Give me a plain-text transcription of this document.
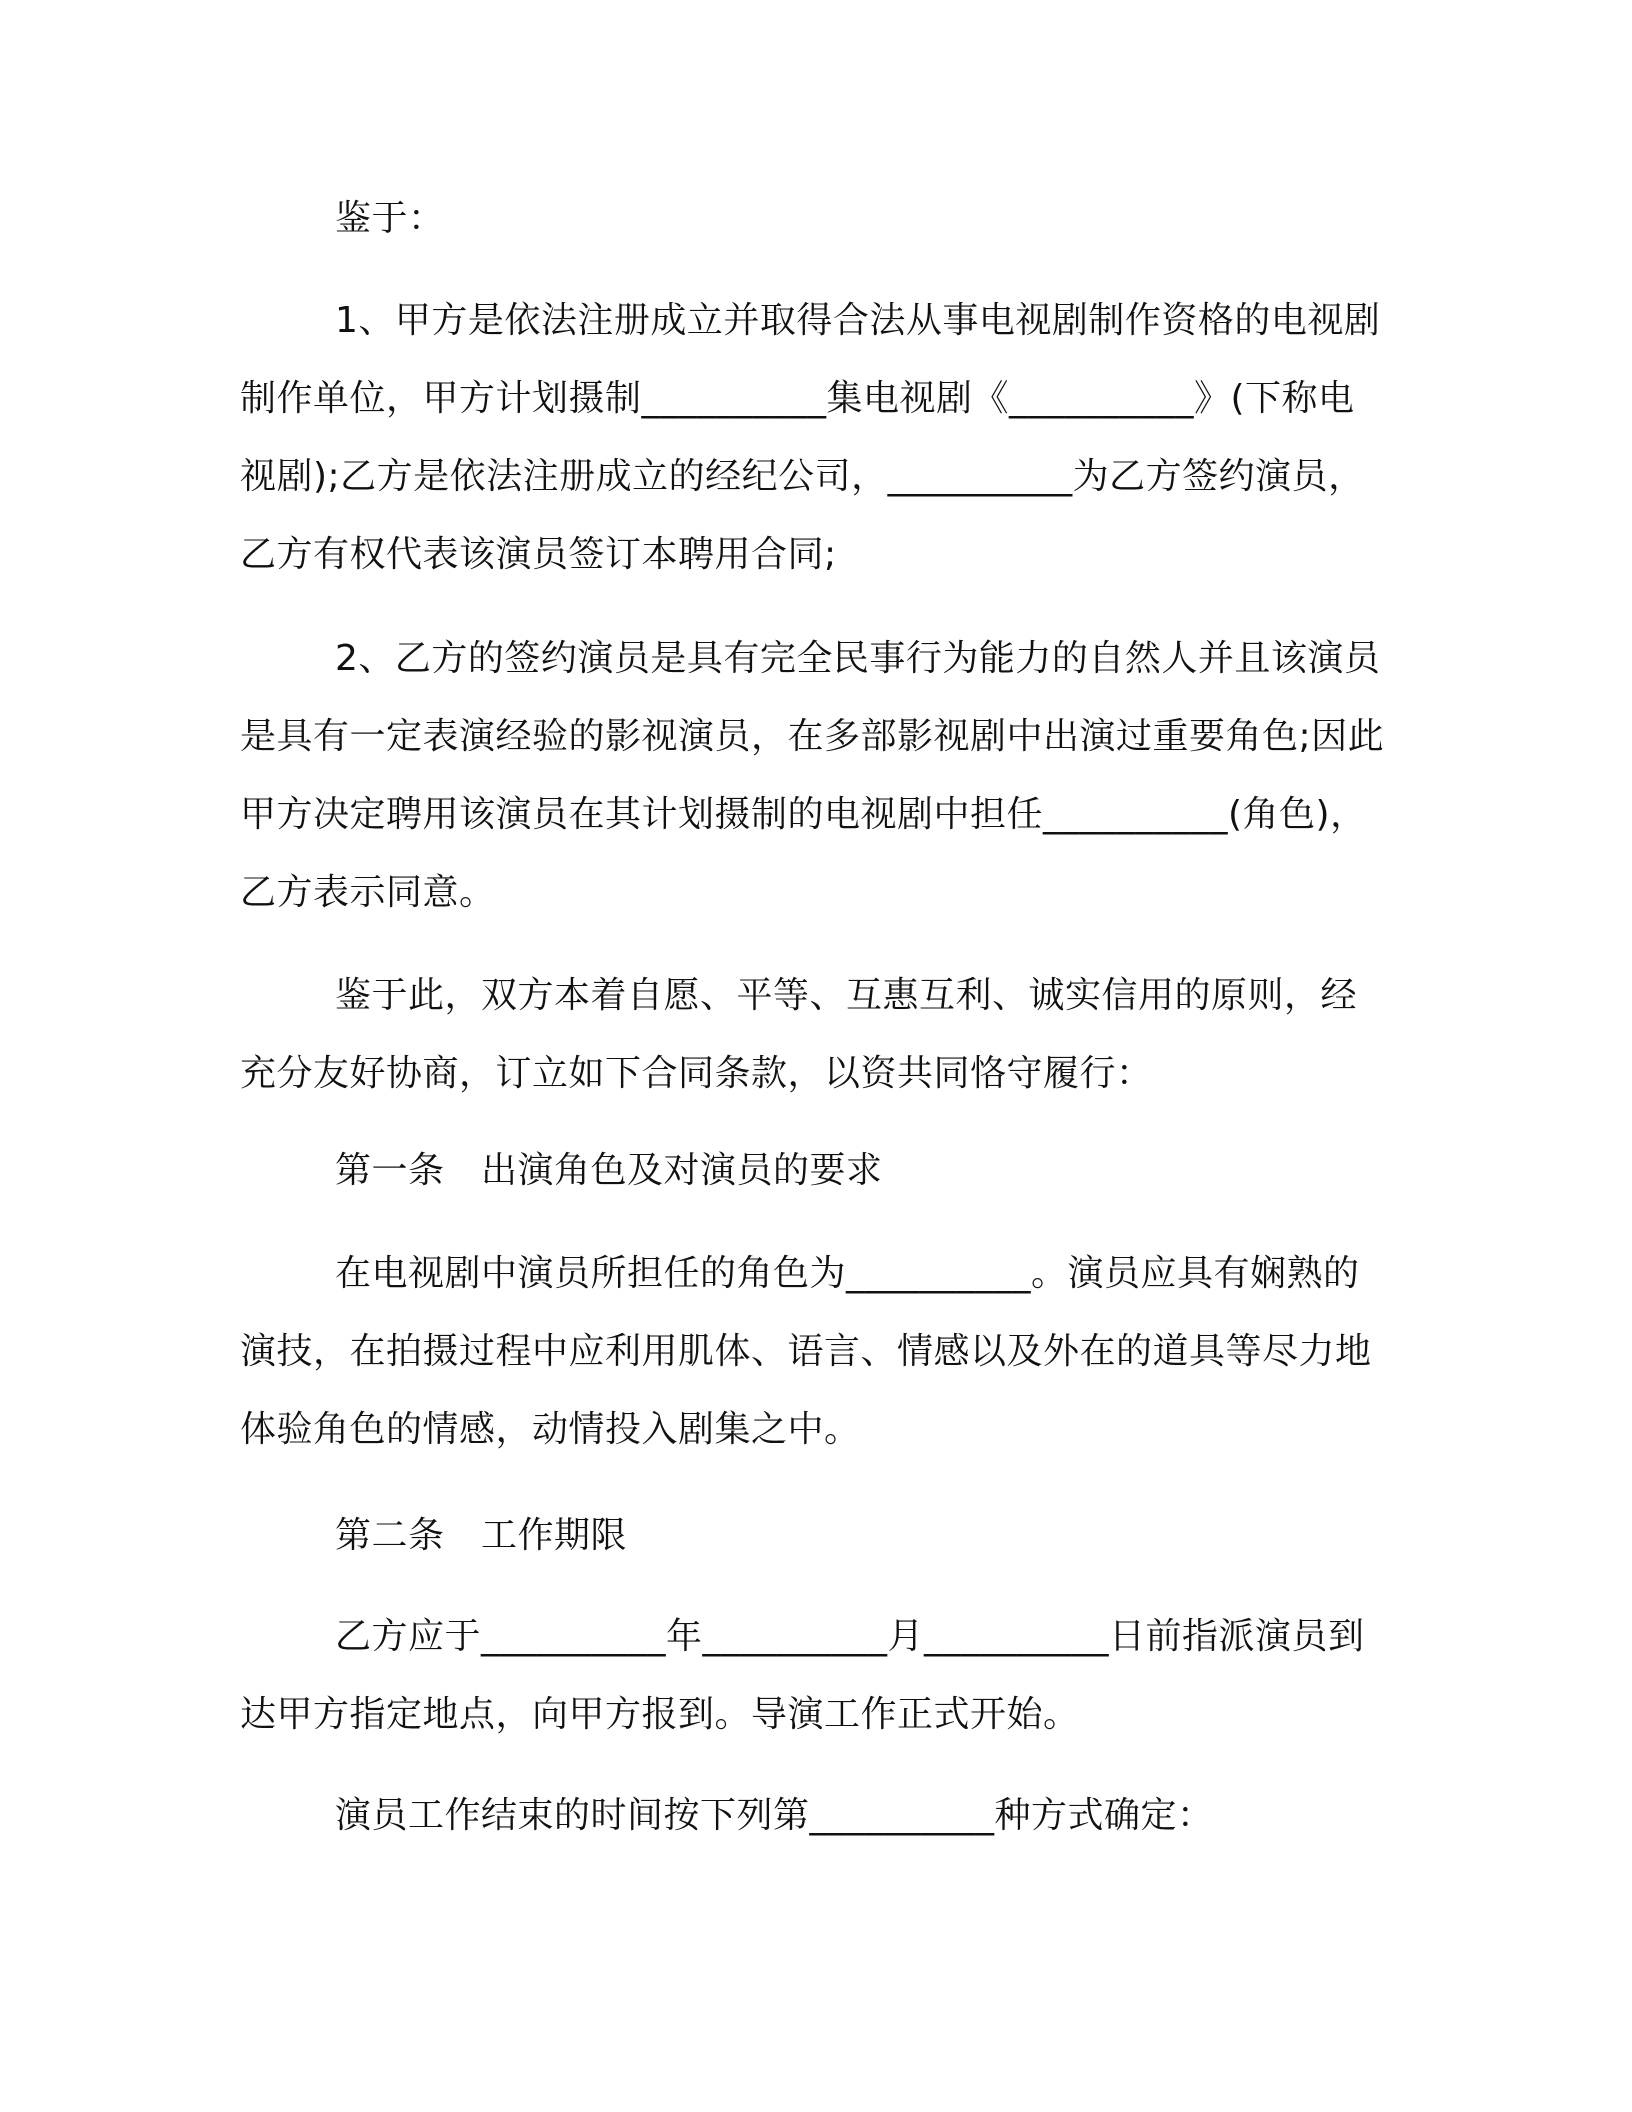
鉴于：
1、甲方是依法注册成立并取得合法从事电视剧制作资格的电视剧制作单位，甲方计划摄制__________集电视剧《__________》(下称电视剧);乙方是依法注册成立的经纪公司，__________为乙方签约演员，乙方有权代表该演员签订本聘用合同;
2、乙方的签约演员是具有完全民事行为能力的自然人并且该演员是具有一定表演经验的影视演员，在多部影视剧中出演过重要角色;因此甲方决定聘用该演员在其计划摄制的电视剧中担任__________(角色)，乙方表示同意。
鉴于此，双方本着自愿、平等、互惠互利、诚实信用的原则，经充分友好协商，订立如下合同条款，以资共同恪守履行：
第一条　出演角色及对演员的要求
在电视剧中演员所担任的角色为__________。演员应具有娴熟的演技，在拍摄过程中应利用肌体、语言、情感以及外在的道具等尽力地体验角色的情感，动情投入剧集之中。
第二条　工作期限
乙方应于__________年__________月__________日前指派演员到达甲方指定地点，向甲方报到。导演工作正式开始。
演员工作结束的时间按下列第__________种方式确定：
